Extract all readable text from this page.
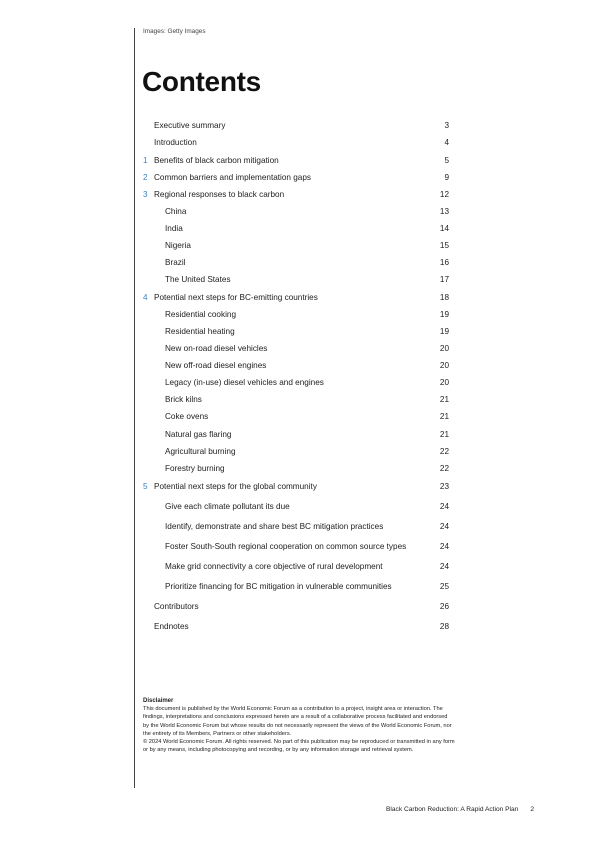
Images: Getty Images
Contents
Executive summary	3
Introduction	4
1 Benefits of black carbon mitigation	5
2 Common barriers and implementation gaps	9
3 Regional responses to black carbon	12
China	13
India	14
Nigeria	15
Brazil	16
The United States	17
4 Potential next steps for BC-emitting countries	18
Residential cooking	19
Residential heating	19
New on-road diesel vehicles	20
New off-road diesel engines	20
Legacy (in-use) diesel vehicles and engines	20
Brick kilns	21
Coke ovens	21
Natural gas flaring	21
Agricultural burning	22
Forestry burning	22
5 Potential next steps for the global community	23
Give each climate pollutant its due	24
Identify, demonstrate and share best BC mitigation practices	24
Foster South-South regional cooperation on common source types	24
Make grid connectivity a core objective of rural development	24
Prioritize financing for BC mitigation in vulnerable communities	25
Contributors	26
Endnotes	28

Disclaimer

This document is published by the World Economic Forum as a contribution to a project, insight area or interaction. The findings, interpretations and conclusions expressed herein are a result of a collaborative process facilitated and endorsed by the World Economic Forum but whose results do not necessarily represent the views of the World Economic Forum, nor the entirety of its Members, Partners or other stakeholders.

© 2024 World Economic Forum. All rights reserved. No part of this publication may be reproduced or transmitted in any form or by any means, including photocopying and recording, or by any information storage and retrieval system.

Black Carbon Reduction: A Rapid Action Plan 2
